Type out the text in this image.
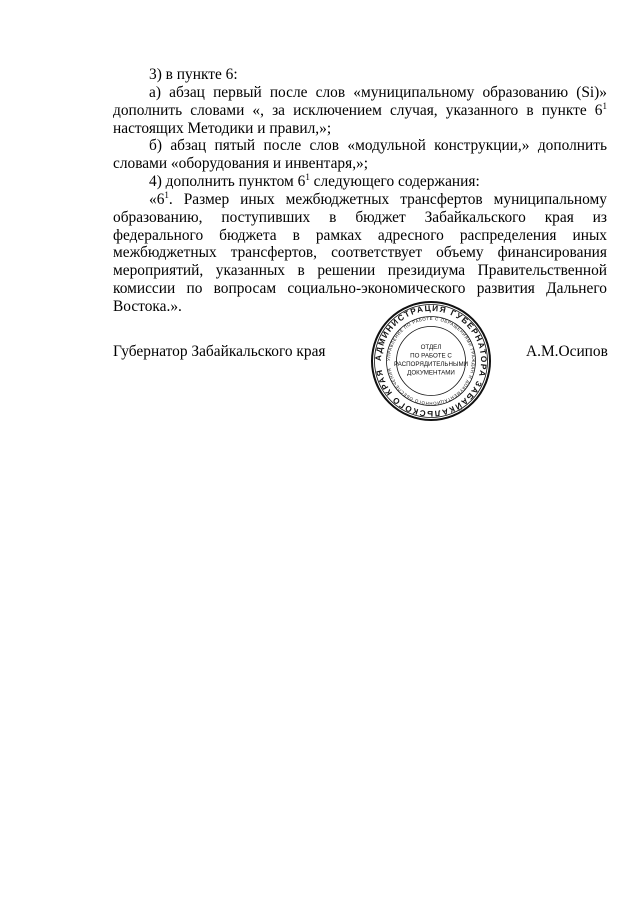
3) в пункте 6:

а) абзац первый после слов «муниципальному образованию (Si)» дополнить словами «, за исключением случая, указанного в пункте $6^1$ настоящих Методики и правил,»;

б) абзац пятый после слов «модульной конструкции,» дополнить словами «оборудования и инвентаря,»;

4) дополнить пунктом $6^1$ следующего содержания:

«$6^1$. Размер иных межбюджетных трансфертов муниципальному образованию, поступивших в бюджет Забайкальского края из федерального бюджета в рамках адресного распределения иных межбюджетных трансфертов, соответствует объему финансирования мероприятий, указанных в решении президиума Правительственной комиссии по вопросам социально-экономического развития Дальнего Востока.».

Губернатор Забайкальского края	А.М.Осипов
АДМИНИСТРАЦИЯ ГУБЕРНАТОРА ЗАБАЙКАЛЬСКОГО КРАЯ
УПРАВЛЕНИЕ ПО РАБОТЕ С ОБРАЩЕНИЯМИ ГРАЖДАН И ДОКУМЕНТАЦИОННОГО ОБЕСПЕЧЕНИЯ
ОТДЕЛ
ПО РАБОТЕ С
РАСПОРЯДИТЕЛЬНЫМИ
ДОКУМЕНТАМИ
